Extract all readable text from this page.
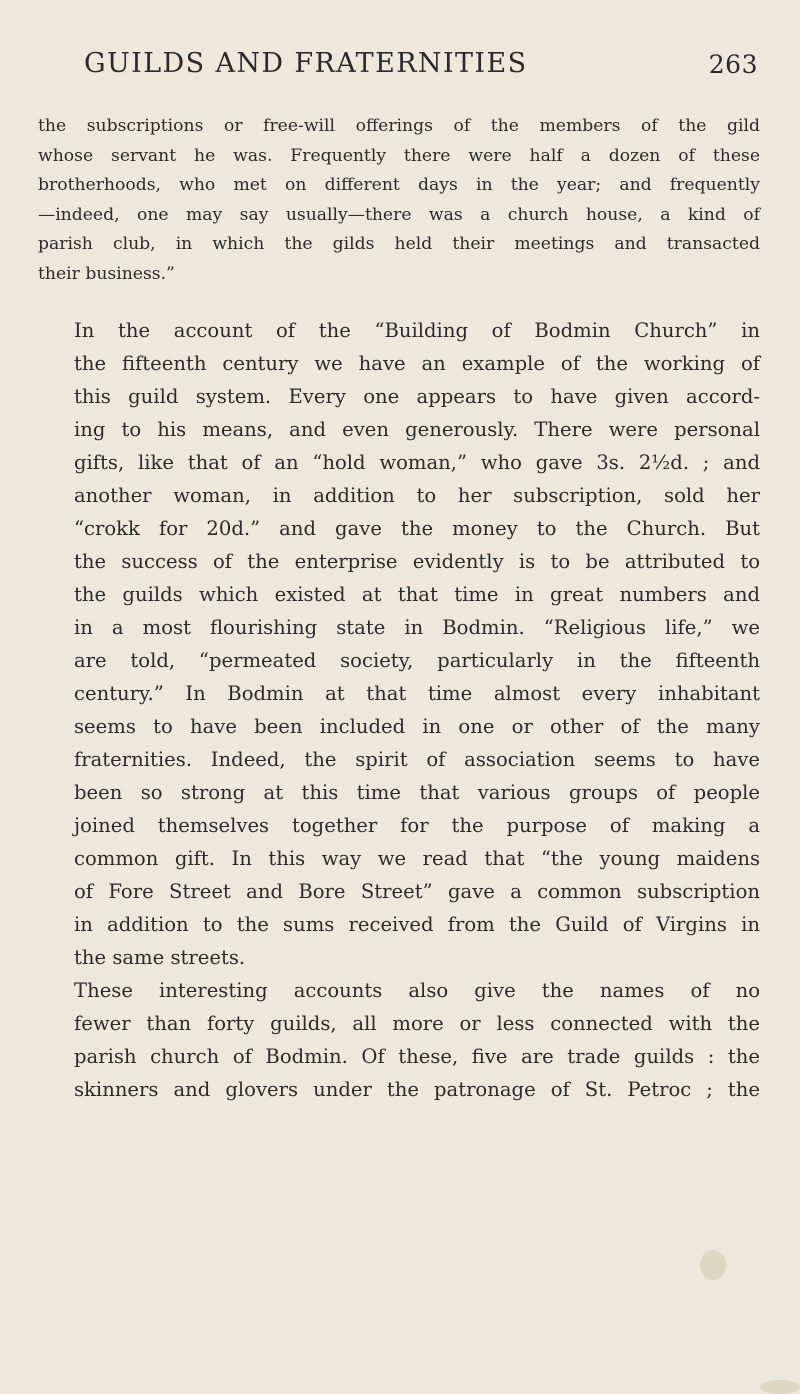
GUILDS AND FRATERNITIES	263

the subscriptions or free-will offerings of the members of the gild
whose servant he was. Frequently there were half a dozen of these
brotherhoods, who met on different days in the year; and frequently
—indeed, one may say usually—there was a church house, a kind of
parish club, in which the gilds held their meetings and transacted
their business.”

In the account of the “Building of Bodmin Church” in
the fifteenth century we have an example of the working of
this guild system. Every one appears to have given accord-
ing to his means, and even generously. There were personal
gifts, like that of an “hold woman,” who gave 3s. 2½d. ; and
another woman, in addition to her subscription, sold her
“crokk for 20d.” and gave the money to the Church. But
the success of the enterprise evidently is to be attributed to
the guilds which existed at that time in great numbers and
in a most flourishing state in Bodmin. “Religious life,” we
are told, “permeated society, particularly in the fifteenth
century.” In Bodmin at that time almost every inhabitant
seems to have been included in one or other of the many
fraternities. Indeed, the spirit of association seems to have
been so strong at this time that various groups of people
joined themselves together for the purpose of making a
common gift. In this way we read that “the young maidens
of Fore Street and Bore Street” gave a common subscription
in addition to the sums received from the Guild of Virgins in
the same streets.

These interesting accounts also give the names of no
fewer than forty guilds, all more or less connected with the
parish church of Bodmin. Of these, five are trade guilds : the
skinners and glovers under the patronage of St. Petroc ; the
